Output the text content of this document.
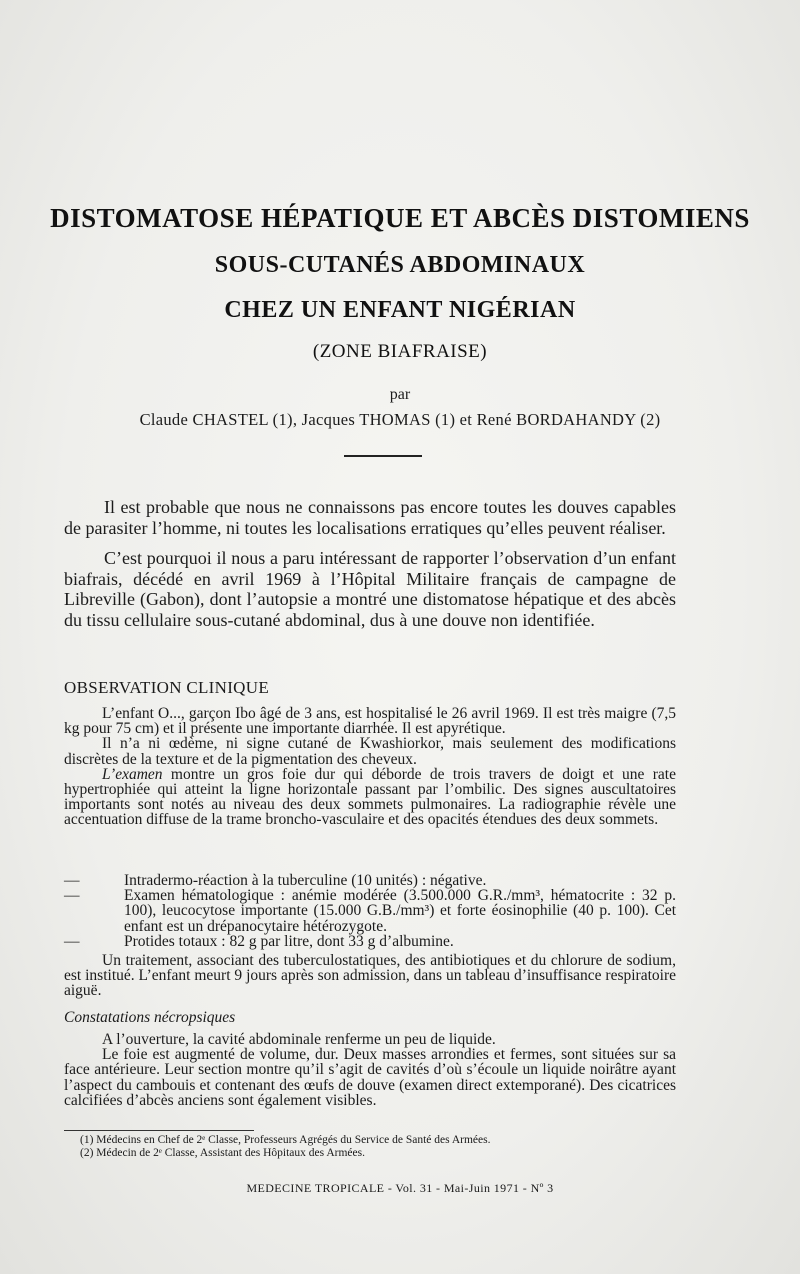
DISTOMATOSE HÉPATIQUE ET ABCÈS DISTOMIENS
SOUS-CUTANÉS ABDOMINAUX
CHEZ UN ENFANT NIGÉRIAN
(ZONE BIAFRAISE)
par
Claude CHASTEL (1), Jacques THOMAS (1) et René BORDAHANDY (2)

Il est probable que nous ne connaissons pas encore toutes les douves capables de parasiter l’homme, ni toutes les localisations erratiques qu’elles peuvent réaliser.

C’est pourquoi il nous a paru intéressant de rapporter l’observation d’un enfant biafrais, décédé en avril 1969 à l’Hôpital Militaire français de campagne de Libreville (Gabon), dont l’autopsie a montré une distomatose hépatique et des abcès du tissu cellulaire sous-cutané abdominal, dus à une douve non identifiée.

OBSERVATION CLINIQUE

L’enfant O..., garçon Ibo âgé de 3 ans, est hospitalisé le 26 avril 1969. Il est très maigre (7,5 kg pour 75 cm) et il présente une importante diarrhée. Il est apyrétique.

Il n’a ni œdème, ni signe cutané de Kwashiorkor, mais seulement des modifications discrètes de la texture et de la pigmentation des cheveux.

L’examen montre un gros foie dur qui déborde de trois travers de doigt et une rate hypertrophiée qui atteint la ligne horizontale passant par l’ombilic. Des signes auscultatoires importants sont notés au niveau des deux sommets pulmonaires. La radiographie révèle une accentuation diffuse de la trame broncho-vasculaire et des opacités étendues des deux sommets.

—	Intradermo-réaction à la tuberculine (10 unités) : négative.
—	Examen hématologique : anémie modérée (3.500.000 G.R./mm³, hématocrite : 32 p. 100), leucocytose importante (15.000 G.B./mm³) et forte éosinophilie (40 p. 100). Cet enfant est un drépanocytaire hétérozygote.
—	Protides totaux : 82 g par litre, dont 33 g d’albumine.

Un traitement, associant des tuberculostatiques, des antibiotiques et du chlorure de sodium, est institué. L’enfant meurt 9 jours après son admission, dans un tableau d’insuffisance respiratoire aiguë.

Constatations nécropsiques

A l’ouverture, la cavité abdominale renferme un peu de liquide.

Le foie est augmenté de volume, dur. Deux masses arrondies et fermes, sont situées sur sa face antérieure. Leur section montre qu’il s’agit de cavités d’où s’écoule un liquide noirâtre ayant l’aspect du cambouis et contenant des œufs de douve (examen direct extemporané). Des cicatrices calcifiées d’abcès anciens sont également visibles.

(1) Médecins en Chef de 2ᵉ Classe, Professeurs Agrégés du Service de Santé des Armées.
(2) Médecin de 2ᵉ Classe, Assistant des Hôpitaux des Armées.
MEDECINE TROPICALE - Vol. 31 - Mai-Juin 1971 - Nº 3
